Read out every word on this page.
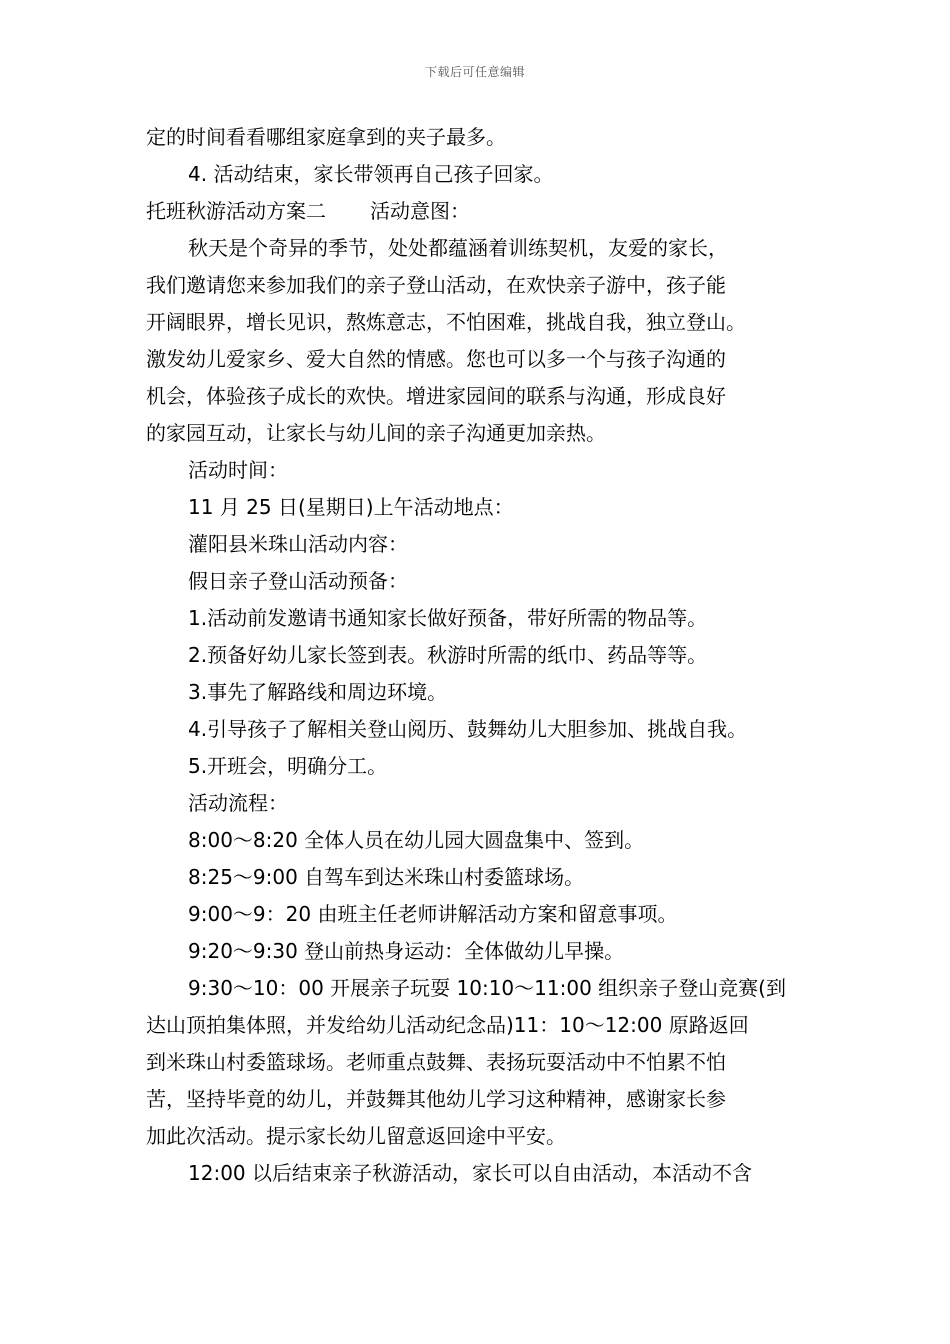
下载后可任意编辑
定的时间看看哪组家庭拿到的夹子最多。
4. 活动结束，家长带领再自己孩子回家。
托班秋游活动方案二 活动意图：
秋天是个奇异的季节，处处都蕴涵着训练契机，友爱的家长，
我们邀请您来参加我们的亲子登山活动，在欢快亲子游中，孩子能
开阔眼界，增长见识，熬炼意志，不怕困难，挑战自我，独立登山。
激发幼儿爱家乡、爱大自然的情感。您也可以多一个与孩子沟通的
机会，体验孩子成长的欢快。增进家园间的联系与沟通，形成良好
的家园互动，让家长与幼儿间的亲子沟通更加亲热。
活动时间：
11 月 25 日(星期日)上午活动地点：
灌阳县米珠山活动内容：
假日亲子登山活动预备：
1.活动前发邀请书通知家长做好预备，带好所需的物品等。
2.预备好幼儿家长签到表。秋游时所需的纸巾、药品等等。
3.事先了解路线和周边环境。
4.引导孩子了解相关登山阅历、鼓舞幼儿大胆参加、挑战自我。
5.开班会，明确分工。
活动流程：
8:00～8:20 全体人员在幼儿园大圆盘集中、签到。
8:25～9:00 自驾车到达米珠山村委篮球场。
9:00～9：20 由班主任老师讲解活动方案和留意事项。
9:20～9:30 登山前热身运动：全体做幼儿早操。
9:30～10：00 开展亲子玩耍 10:10～11:00 组织亲子登山竞赛(到
达山顶拍集体照，并发给幼儿活动纪念品)11：10～12:00 原路返回
到米珠山村委篮球场。老师重点鼓舞、表扬玩耍活动中不怕累不怕
苦，坚持毕竟的幼儿，并鼓舞其他幼儿学习这种精神，感谢家长参
加此次活动。提示家长幼儿留意返回途中平安。
12:00 以后结束亲子秋游活动，家长可以自由活动，本活动不含
